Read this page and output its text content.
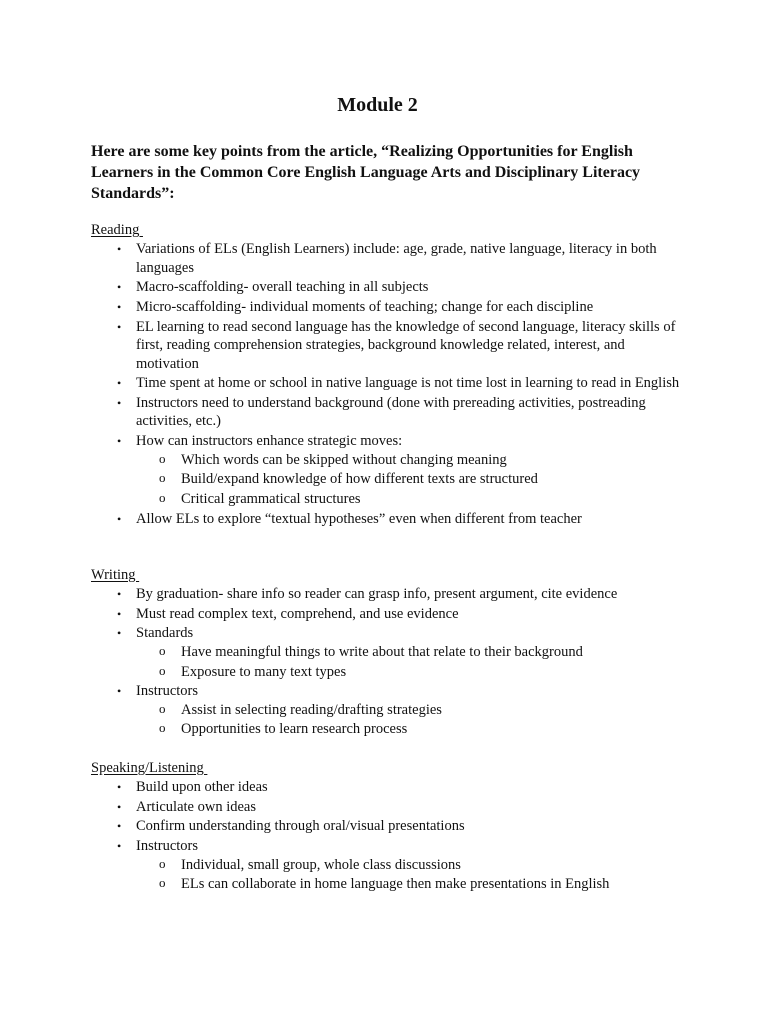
Module 2
Here are some key points from the article, “Realizing Opportunities for English Learners in the Common Core English Language Arts and Disciplinary Literacy Standards”:
Reading
• Variations of ELs (English Learners) include: age, grade, native language, literacy in both languages
• Macro-scaffolding- overall teaching in all subjects
• Micro-scaffolding- individual moments of teaching; change for each discipline
• EL learning to read second language has the knowledge of second language, literacy skills of first, reading comprehension strategies, background knowledge related, interest, and motivation
• Time spent at home or school in native language is not time lost in learning to read in English
• Instructors need to understand background (done with prereading activities, postreading activities, etc.)
• How can instructors enhance strategic moves:
o Which words can be skipped without changing meaning
o Build/expand knowledge of how different texts are structured
o Critical grammatical structures
• Allow ELs to explore “textual hypotheses” even when different from teacher
Writing
• By graduation- share info so reader can grasp info, present argument, cite evidence
• Must read complex text, comprehend, and use evidence
• Standards
o Have meaningful things to write about that relate to their background
o Exposure to many text types
• Instructors
o Assist in selecting reading/drafting strategies
o Opportunities to learn research process
Speaking/Listening
• Build upon other ideas
• Articulate own ideas
• Confirm understanding through oral/visual presentations
• Instructors
o Individual, small group, whole class discussions
o ELs can collaborate in home language then make presentations in English
